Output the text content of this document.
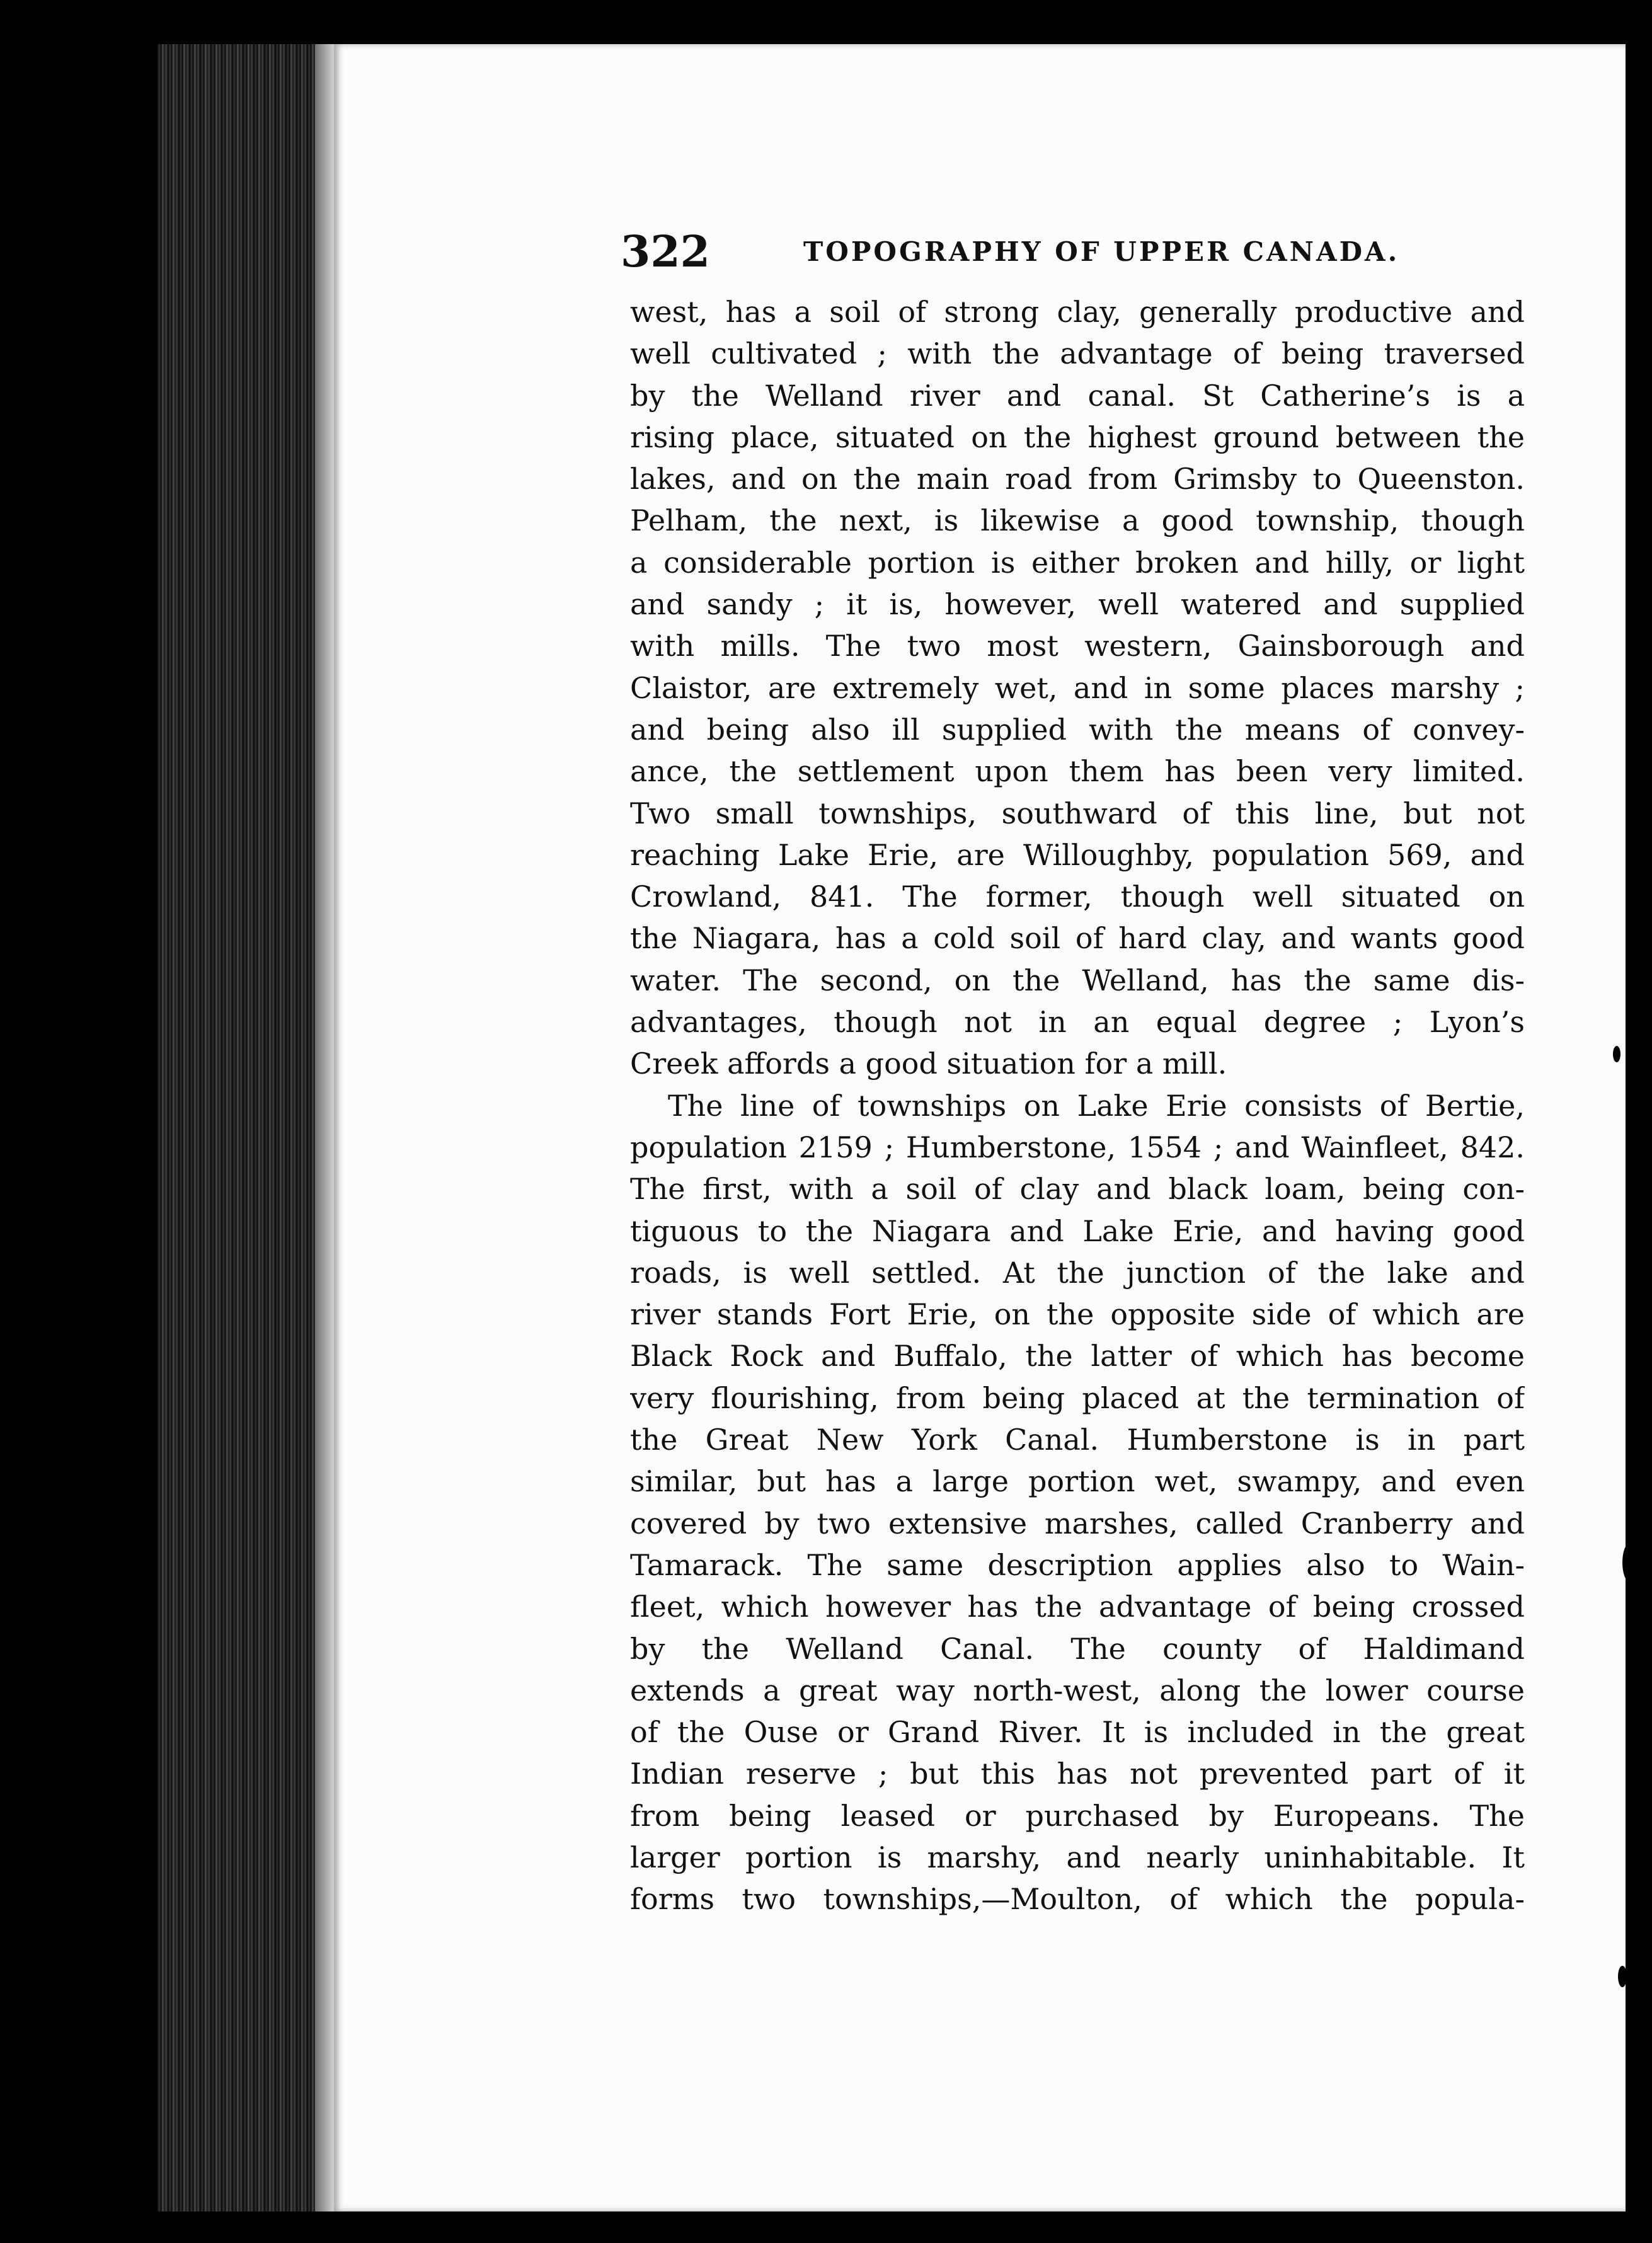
322	TOPOGRAPHY OF UPPER CANADA.
west, has a soil of strong clay, generally productive and
well cultivated ; with the advantage of being traversed
by the Welland river and canal. St Catherine’s is a
rising place, situated on the highest ground between the
lakes, and on the main road from Grimsby to Queenston.
Pelham, the next, is likewise a good township, though
a considerable portion is either broken and hilly, or light
and sandy ; it is, however, well watered and supplied
with mills. The two most western, Gainsborough and
Claistor, are extremely wet, and in some places marshy ;
and being also ill supplied with the means of convey-
ance, the settlement upon them has been very limited.
Two small townships, southward of this line, but not
reaching Lake Erie, are Willoughby, population 569, and
Crowland, 841. The former, though well situated on
the Niagara, has a cold soil of hard clay, and wants good
water. The second, on the Welland, has the same dis-
advantages, though not in an equal degree ; Lyon’s
Creek affords a good situation for a mill.
The line of townships on Lake Erie consists of Bertie,
population 2159 ; Humberstone, 1554 ; and Wainfleet, 842.
The first, with a soil of clay and black loam, being con-
tiguous to the Niagara and Lake Erie, and having good
roads, is well settled. At the junction of the lake and
river stands Fort Erie, on the opposite side of which are
Black Rock and Buffalo, the latter of which has become
very flourishing, from being placed at the termination of
the Great New York Canal. Humberstone is in part
similar, but has a large portion wet, swampy, and even
covered by two extensive marshes, called Cranberry and
Tamarack. The same description applies also to Wain-
fleet, which however has the advantage of being crossed
by the Welland Canal. The county of Haldimand
extends a great way north-west, along the lower course
of the Ouse or Grand River. It is included in the great
Indian reserve ; but this has not prevented part of it
from being leased or purchased by Europeans. The
larger portion is marshy, and nearly uninhabitable. It
forms two townships,—Moulton, of which the popula-
